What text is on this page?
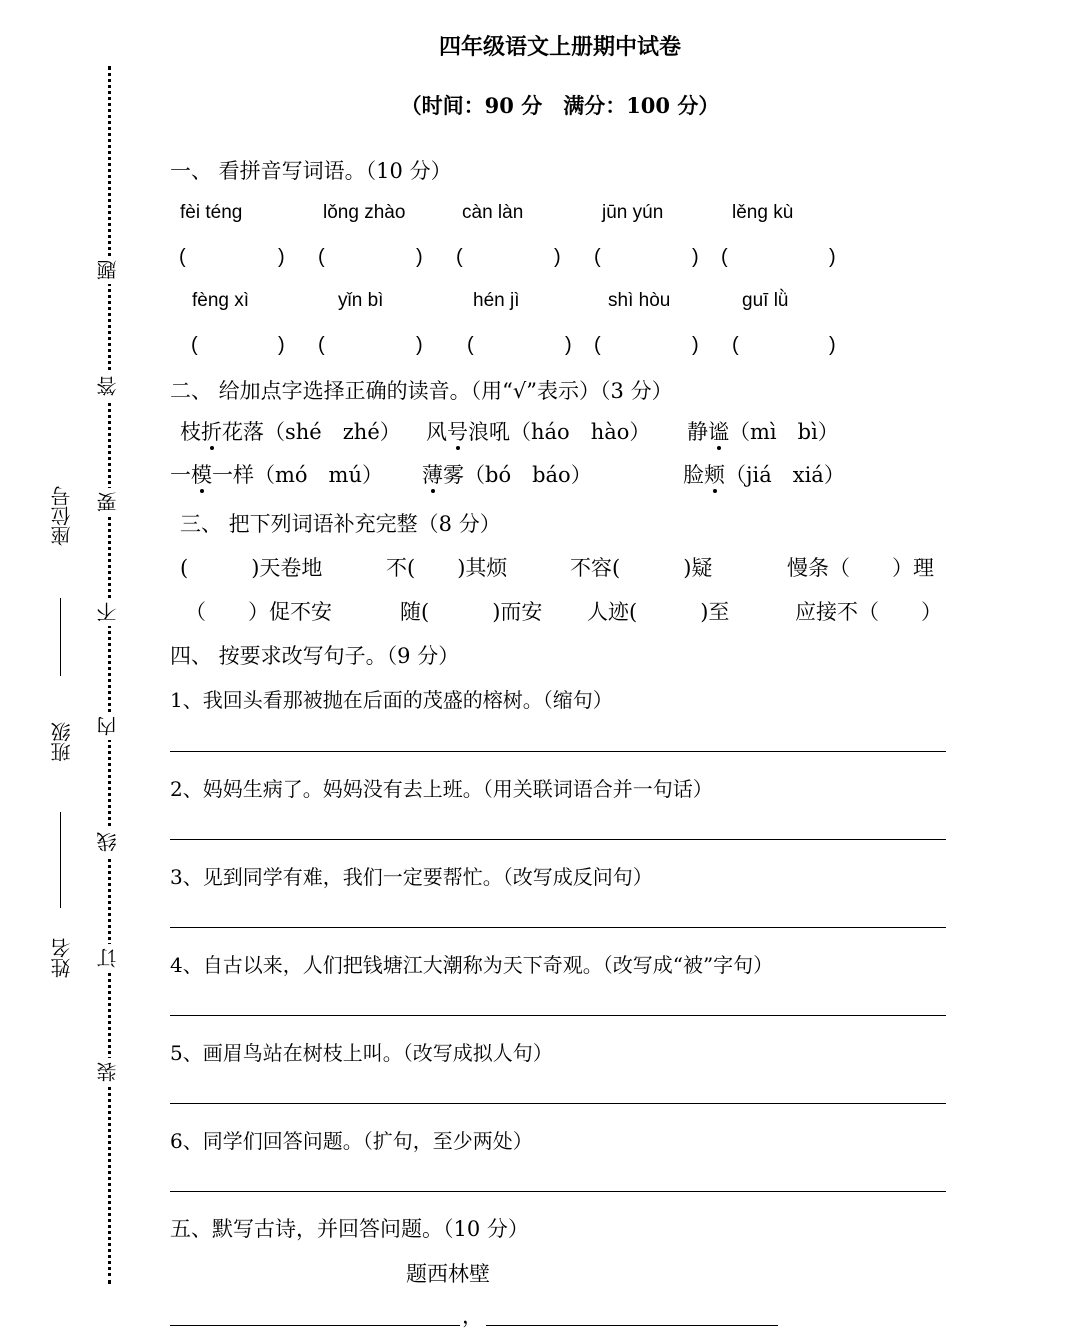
题
答
要
不
内
线
订
装
座位号
班级
姓名
四年级语文上册期中试卷
（时间：90 分　满分：100 分）
一、 看拼音写词语。（10 分）
fèi téng	lǒng zhào	càn làn	jūn yún	lěng kù
(	) (	) (	) (	) (	)
fèng xì	yǐn bì	hén jì	shì hòu	guī lǜ
(	) (	) (	) (	) (	)
二、 给加点字选择正确的读音。（用“√”表示）（3 分）
枝折花落（shé　zhé） 风号浪吼（háo　hào） 静谧（mì　bì）
一模一样（mó　mú） 薄雾（bó　báo）	脸颊（jiá　xiá）
三、 把下列词语补充完整（8 分）
(　　　)天卷地	不(　　)其烦	不容(　　　)疑	慢条（　　）理
（　　）促不安	随(　　　)而安 人迹(　　　)至	应接不（　　）
四、 按要求改写句子。（9 分）
1、我回头看那被抛在后面的茂盛的榕树。（缩句）
2、妈妈生病了。妈妈没有去上班。（用关联词语合并一句话）
3、见到同学有难，我们一定要帮忙。（改写成反问句）
4、自古以来，人们把钱塘江大潮称为天下奇观。（改写成“被”字句）
5、画眉鸟站在树枝上叫。（改写成拟人句）
6、同学们回答问题。（扩句，至少两处）
五、默写古诗，并回答问题。（10 分）
题西林壁
，
